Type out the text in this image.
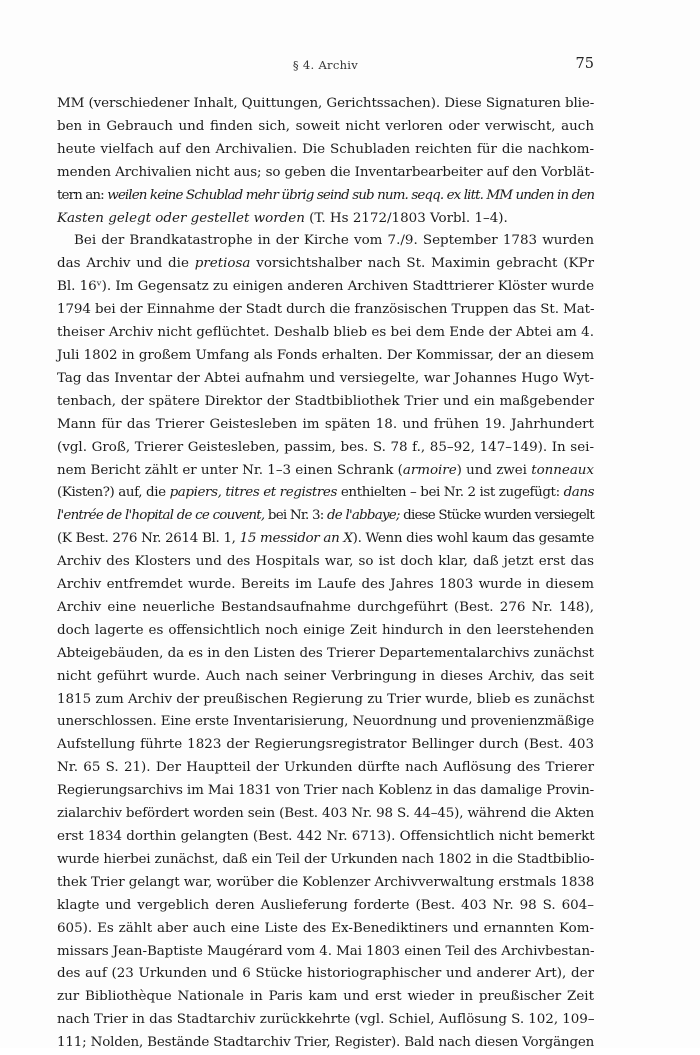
§ 4. Archiv	75
MM (verschiedener Inhalt, Quittungen, Gerichtssachen). Diese Signaturen blie-
ben in Gebrauch und finden sich, soweit nicht verloren oder verwischt, auch
heute vielfach auf den Archivalien. Die Schubladen reichten für die nachkom-
menden Archivalien nicht aus; so geben die Inventarbearbeiter auf den Vorblät-
tern an: weilen keine Schublad mehr übrig seind sub num. seqq. ex litt. MM unden in den
Kasten gelegt oder gestellet worden (T. Hs 2172/1803 Vorbl. 1–4).
Bei der Brandkatastrophe in der Kirche vom 7./9. September 1783 wurden
das Archiv und die pretiosa vorsichtshalber nach St. Maximin gebracht (KPr
Bl. 16ᵛ). Im Gegensatz zu einigen anderen Archiven Stadttrierer Klöster wurde
1794 bei der Einnahme der Stadt durch die französischen Truppen das St. Mat-
theiser Archiv nicht geflüchtet. Deshalb blieb es bei dem Ende der Abtei am 4.
Juli 1802 in großem Umfang als Fonds erhalten. Der Kommissar, der an diesem
Tag das Inventar der Abtei aufnahm und versiegelte, war Johannes Hugo Wyt-
tenbach, der spätere Direktor der Stadtbibliothek Trier und ein maßgebender
Mann für das Trierer Geistesleben im späten 18. und frühen 19. Jahrhundert
(vgl. Groß, Trierer Geistesleben, passim, bes. S. 78 f., 85–92, 147–149). In sei-
nem Bericht zählt er unter Nr. 1–3 einen Schrank (armoire) und zwei tonneaux
(Kisten?) auf, die papiers, titres et registres enthielten – bei Nr. 2 ist zugefügt: dans
l'entrée de l'hopital de ce couvent, bei Nr. 3: de l'abbaye; diese Stücke wurden versiegelt
(K Best. 276 Nr. 2614 Bl. 1, 15 messidor an X). Wenn dies wohl kaum das gesamte
Archiv des Klosters und des Hospitals war, so ist doch klar, daß jetzt erst das
Archiv entfremdet wurde. Bereits im Laufe des Jahres 1803 wurde in diesem
Archiv eine neuerliche Bestandsaufnahme durchgeführt (Best. 276 Nr. 148),
doch lagerte es offensichtlich noch einige Zeit hindurch in den leerstehenden
Abteigebäuden, da es in den Listen des Trierer Departementalarchivs zunächst
nicht geführt wurde. Auch nach seiner Verbringung in dieses Archiv, das seit
1815 zum Archiv der preußischen Regierung zu Trier wurde, blieb es zunächst
unerschlossen. Eine erste Inventarisierung, Neuordnung und provenienzmäßige
Aufstellung führte 1823 der Regierungsregistrator Bellinger durch (Best. 403
Nr. 65 S. 21). Der Hauptteil der Urkunden dürfte nach Auflösung des Trierer
Regierungsarchivs im Mai 1831 von Trier nach Koblenz in das damalige Provin-
zialarchiv befördert worden sein (Best. 403 Nr. 98 S. 44–45), während die Akten
erst 1834 dorthin gelangten (Best. 442 Nr. 6713). Offensichtlich nicht bemerkt
wurde hierbei zunächst, daß ein Teil der Urkunden nach 1802 in die Stadtbiblio-
thek Trier gelangt war, worüber die Koblenzer Archivverwaltung erstmals 1838
klagte und vergeblich deren Auslieferung forderte (Best. 403 Nr. 98 S. 604–
605). Es zählt aber auch eine Liste des Ex-Benediktiners und ernannten Kom-
missars Jean-Baptiste Maugérard vom 4. Mai 1803 einen Teil des Archivbestan-
des auf (23 Urkunden und 6 Stücke historiographischer und anderer Art), der
zur Bibliothèque Nationale in Paris kam und erst wieder in preußischer Zeit
nach Trier in das Stadtarchiv zurückkehrte (vgl. Schiel, Auflösung S. 102, 109–
111; Nolden, Bestände Stadtarchiv Trier, Register). Bald nach diesen Vorgängen
